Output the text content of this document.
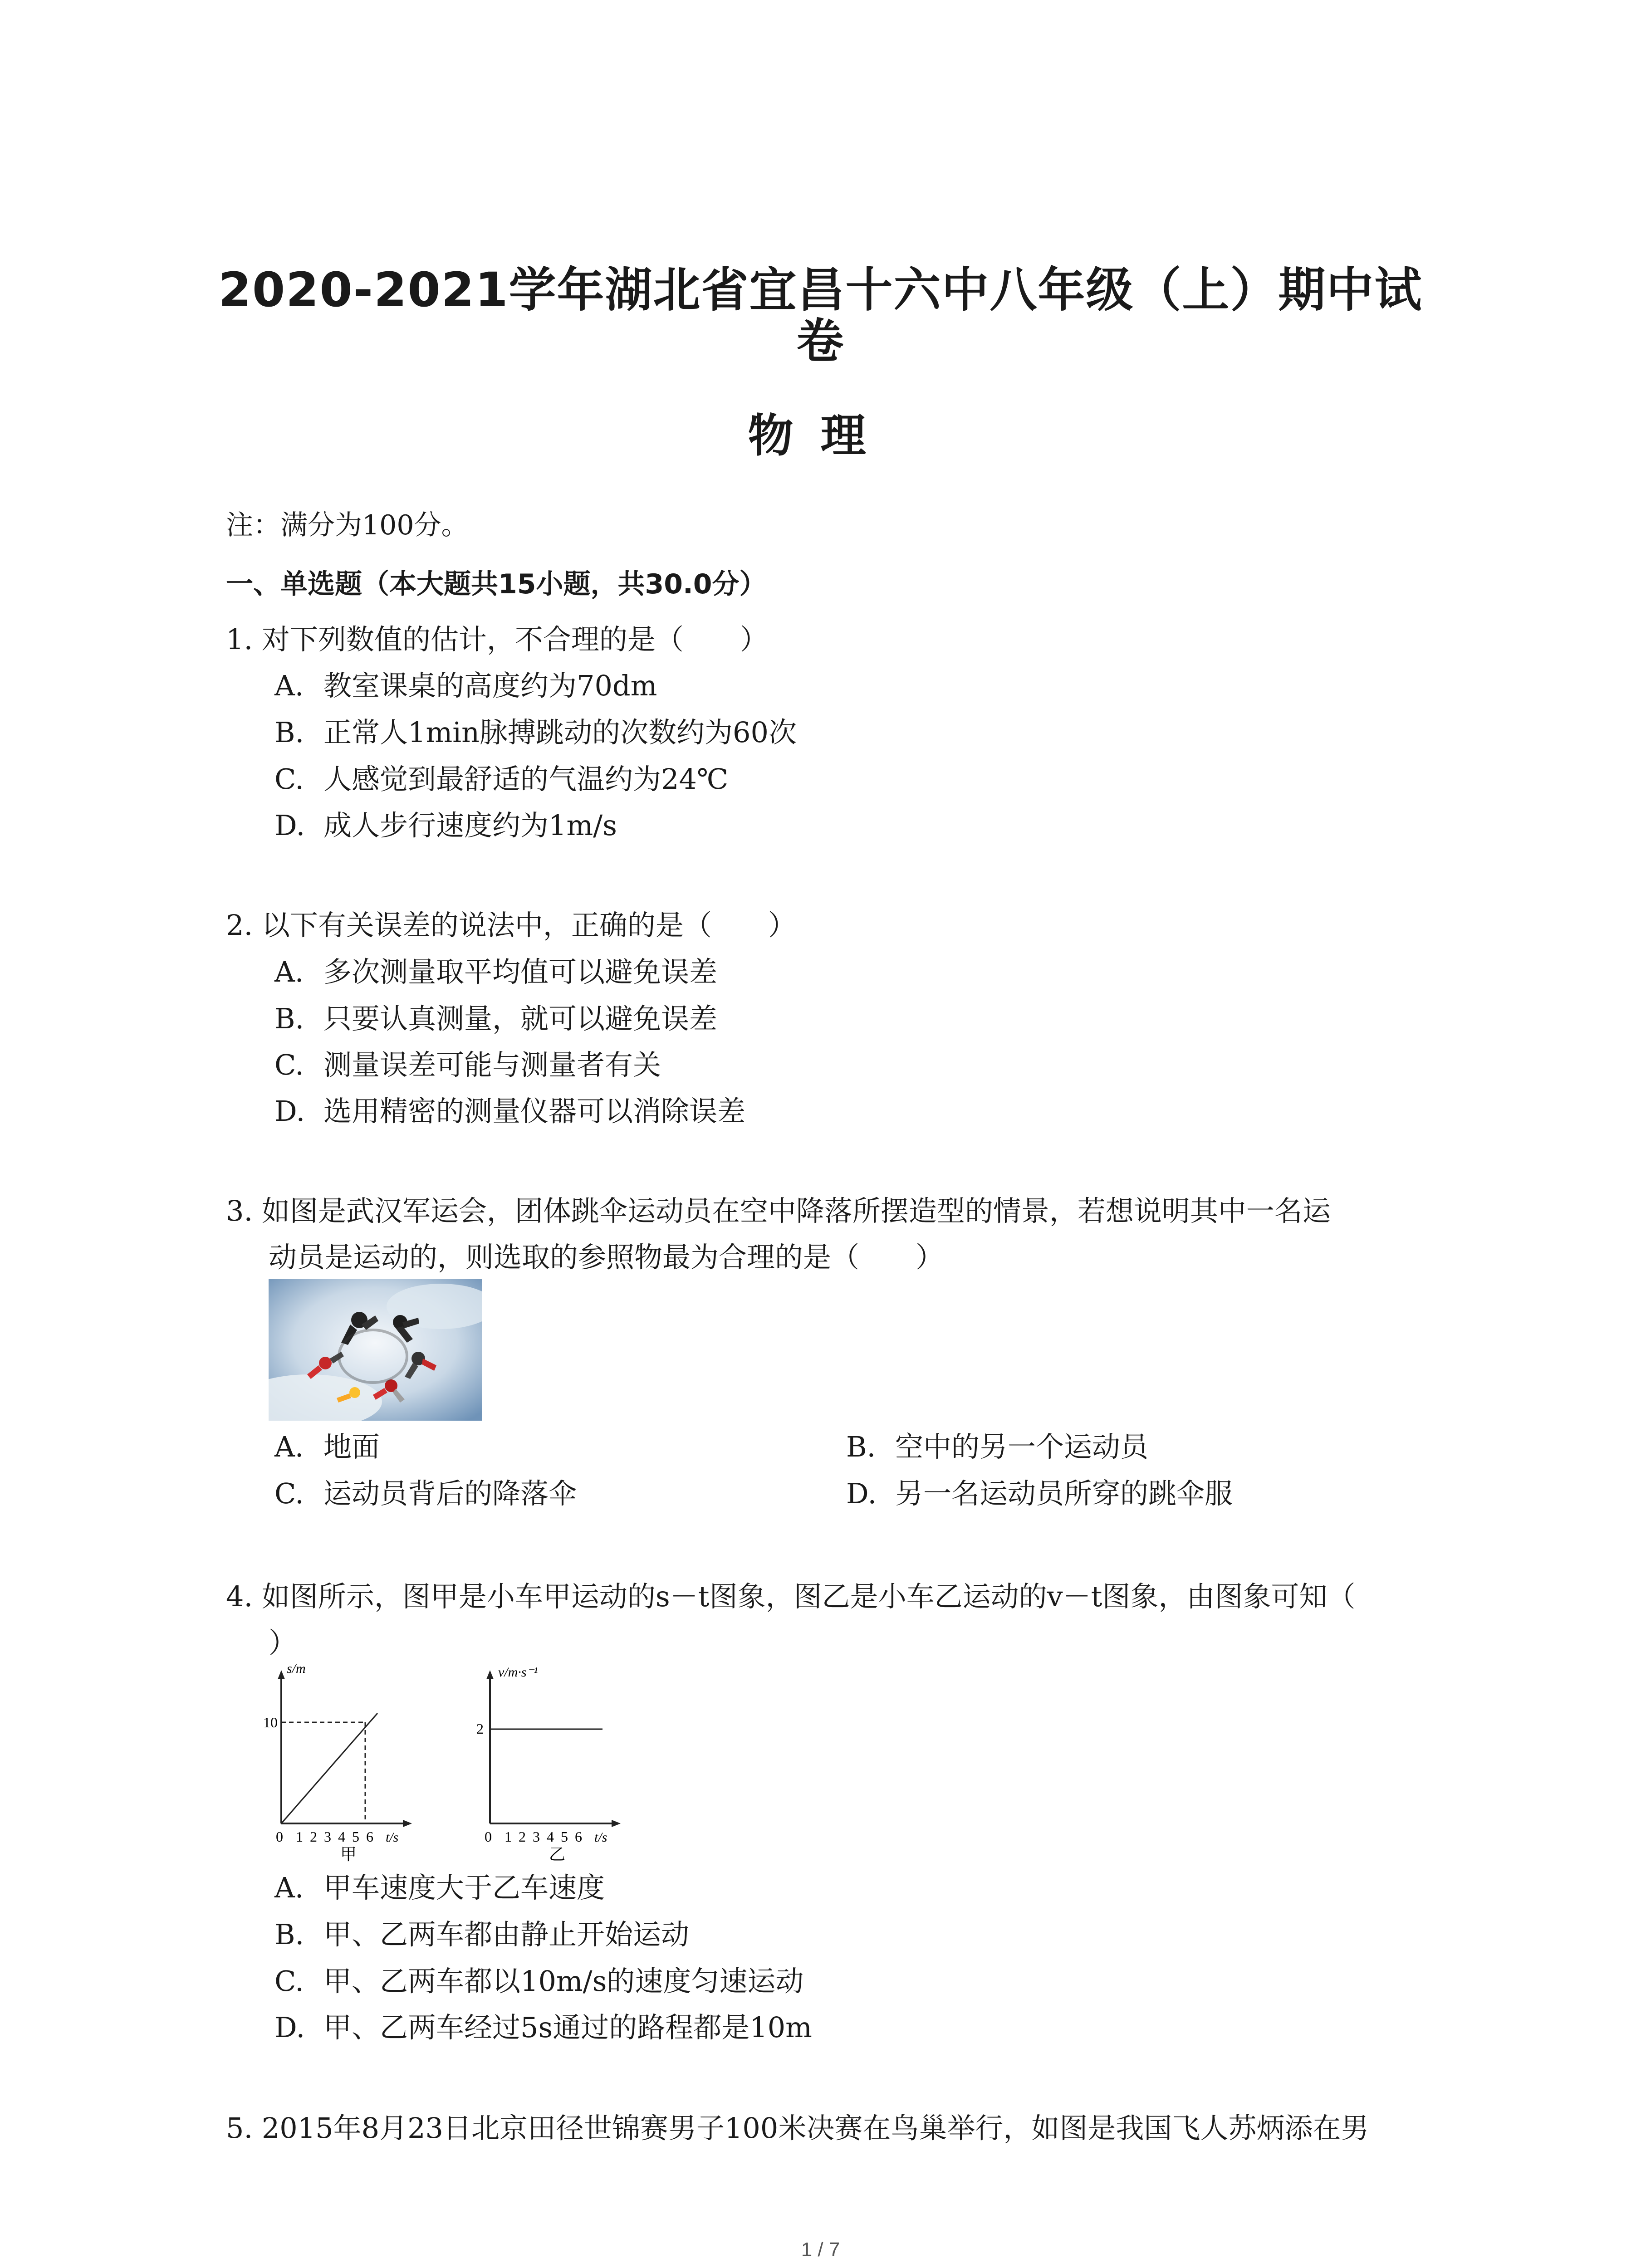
2020-2021学年湖北省宜昌十六中八年级（上）期中试
卷
物理
注：满分为100分。
一、单选题（本大题共15小题，共30.0分）
1. 对下列数值的估计，不合理的是（　　）
A. 教室课桌的高度约为70dm
B. 正常人1min脉搏跳动的次数约为60次
C. 人感觉到最舒适的气温约为24℃
D. 成人步行速度约为1m/s
2. 以下有关误差的说法中，正确的是（　　）
A. 多次测量取平均值可以避免误差
B. 只要认真测量，就可以避免误差
C. 测量误差可能与测量者有关
D. 选用精密的测量仪器可以消除误差
3. 如图是武汉军运会，团体跳伞运动员在空中降落所摆造型的情景，若想说明其中一名运
动员是运动的，则选取的参照物最为合理的是（　　）
A. 地面	B. 空中的另一个运动员
C. 运动员背后的降落伞	D. 另一名运动员所穿的跳伞服
4. 如图所示，图甲是小车甲运动的s－t图象，图乙是小车乙运动的v－t图象，由图象可知（
）
s/m
10
0 1 2 3 4 5 6 t/s
甲
v/m·s⁻¹
2
0 1 2 3 4 5 6 t/s
乙
A. 甲车速度大于乙车速度
B. 甲、乙两车都由静止开始运动
C. 甲、乙两车都以10m/s的速度匀速运动
D. 甲、乙两车经过5s通过的路程都是10m
5. 2015年8月23日北京田径世锦赛男子100米决赛在鸟巢举行，如图是我国飞人苏炳添在男
1 / 7
